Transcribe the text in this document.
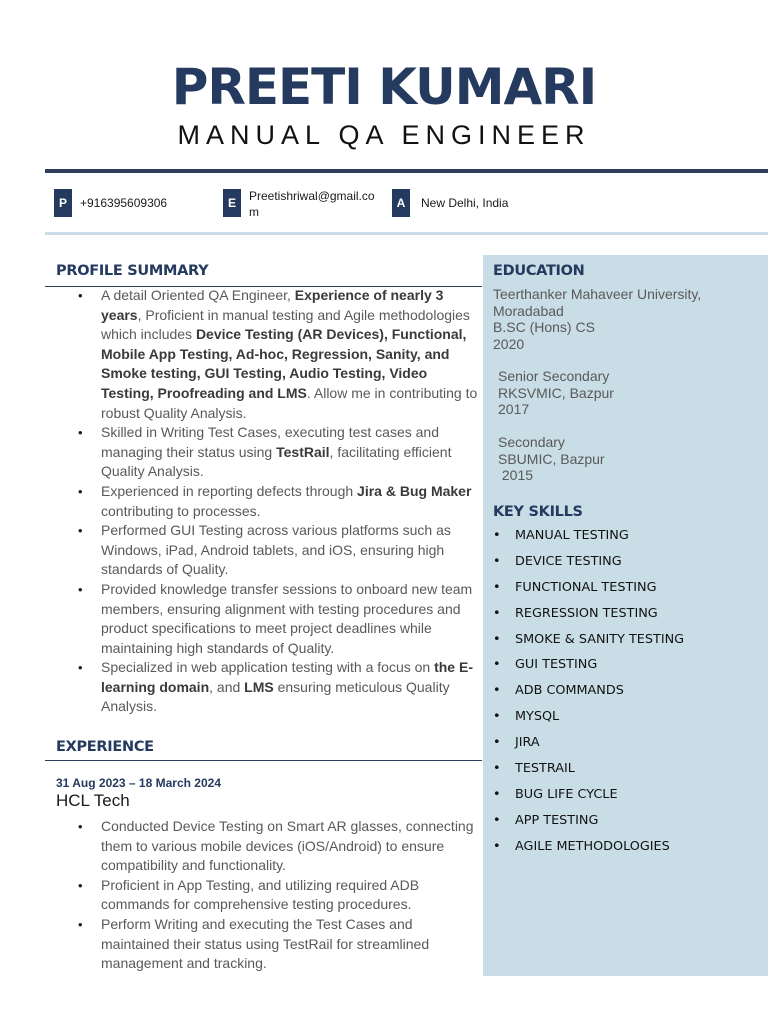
PREETI KUMARI
MANUAL QA ENGINEER
P	+916395609306	E	Preetishriwal@gmail.co
m
A	New Delhi, India
PROFILE SUMMARY
• A detail Oriented QA Engineer, Experience of nearly 3 years, Proficient in manual testing and Agile methodologies which includes Device Testing (AR Devices), Functional, Mobile App Testing, Ad-hoc, Regression, Sanity, and Smoke testing, GUI Testing, Audio Testing, Video Testing, Proofreading and LMS. Allow me in contributing to robust Quality Analysis.
• Skilled in Writing Test Cases, executing test cases and managing their status using TestRail, facilitating efficient Quality Analysis.
• Experienced in reporting defects through Jira & Bug Maker contributing to processes.
• Performed GUI Testing across various platforms such as Windows, iPad, Android tablets, and iOS, ensuring high standards of Quality.
• Provided knowledge transfer sessions to onboard new team members, ensuring alignment with testing procedures and product specifications to meet project deadlines while maintaining high standards of Quality.
• Specialized in web application testing with a focus on the E-learning domain, and LMS ensuring meticulous Quality Analysis.
EXPERIENCE
31 Aug 2023 – 18 March 2024
HCL Tech
• Conducted Device Testing on Smart AR glasses, connecting them to various mobile devices (iOS/Android) to ensure compatibility and functionality.
• Proficient in App Testing, and utilizing required ADB commands for comprehensive testing procedures.
• Perform Writing and executing the Test Cases and maintained their status using TestRail for streamlined management and tracking.
EDUCATION
Teerthanker Mahaveer University,
Moradabad
B.SC (Hons) CS
2020
Senior Secondary
RKSVMIC, Bazpur
2017
Secondary
SBUMIC, Bazpur
2015
KEY SKILLS
• MANUAL TESTING
• DEVICE TESTING
• FUNCTIONAL TESTING
• REGRESSION TESTING
• SMOKE & SANITY TESTING
• GUI TESTING
• ADB COMMANDS
• MYSQL
• JIRA
• TESTRAIL
• BUG LIFE CYCLE
• APP TESTING
• AGILE METHODOLOGIES
